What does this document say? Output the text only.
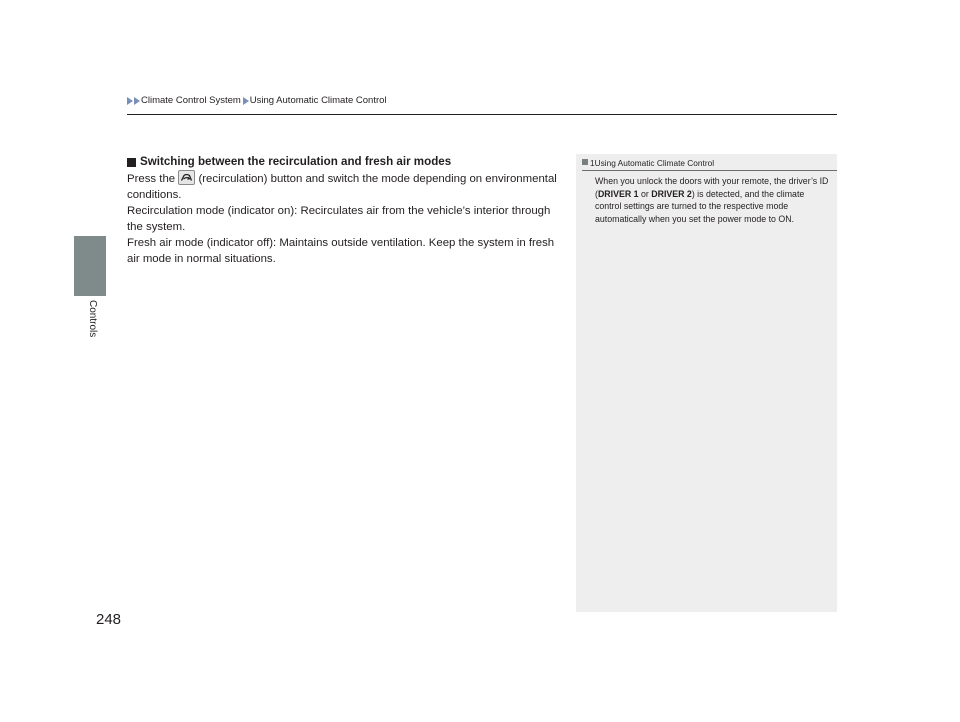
Climate Control System Using Automatic Climate Control
Controls
Switching between the recirculation and fresh air modes

Press the
(recirculation) button and switch the mode depending on environmental conditions.

Recirculation mode (indicator on): Recirculates air from the vehicle’s interior through the system.

Fresh air mode (indicator off): Maintains outside ventilation. Keep the system in fresh air mode in normal situations.

1 Using Automatic Climate Control
When you unlock the doors with your remote, the driver’s ID (DRIVER 1 or DRIVER 2) is detected, and the climate control settings are turned to the respective mode automatically when you set the power mode to ON.
248
